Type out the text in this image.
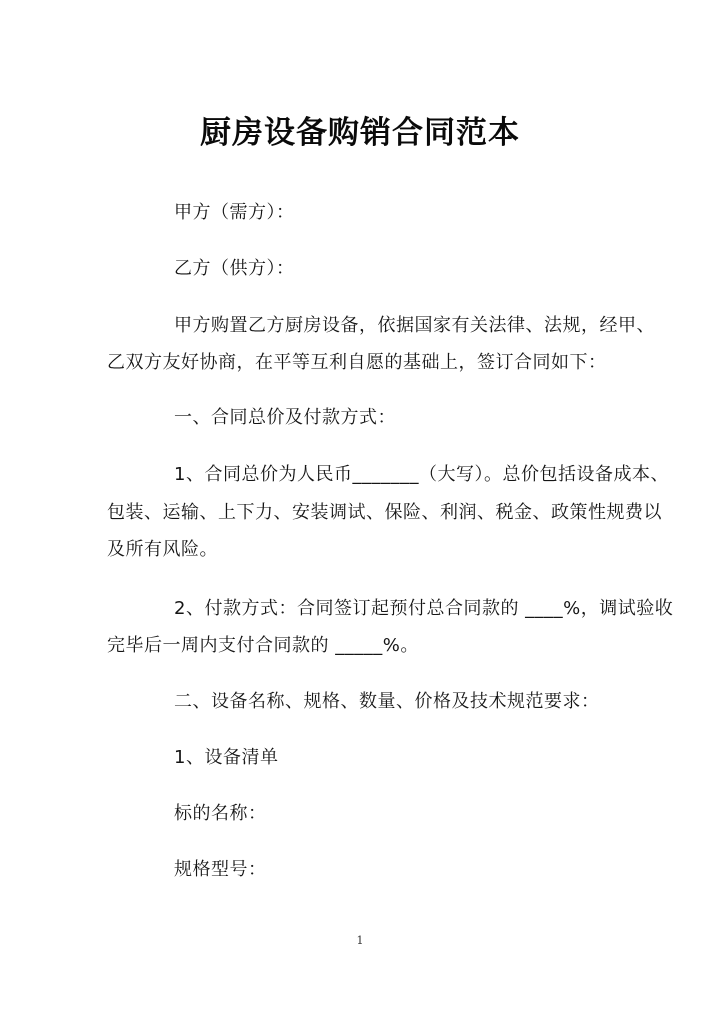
厨房设备购销合同范本
甲方（需方）：
乙方（供方）：
甲方购置乙方厨房设备，依据国家有关法律、法规，经甲、
乙双方友好协商，在平等互利自愿的基础上，签订合同如下：
一、合同总价及付款方式：
1、合同总价为人民币_______（大写）。总价包括设备成本、
包装、运输、上下力、安装调试、保险、利润、税金、政策性规费以
及所有风险。
2、付款方式：合同签订起预付总合同款的 ____%，调试验收
完毕后一周内支付合同款的 _____%。
二、设备名称、规格、数量、价格及技术规范要求：
1、设备清单
标的名称：
规格型号：
1
